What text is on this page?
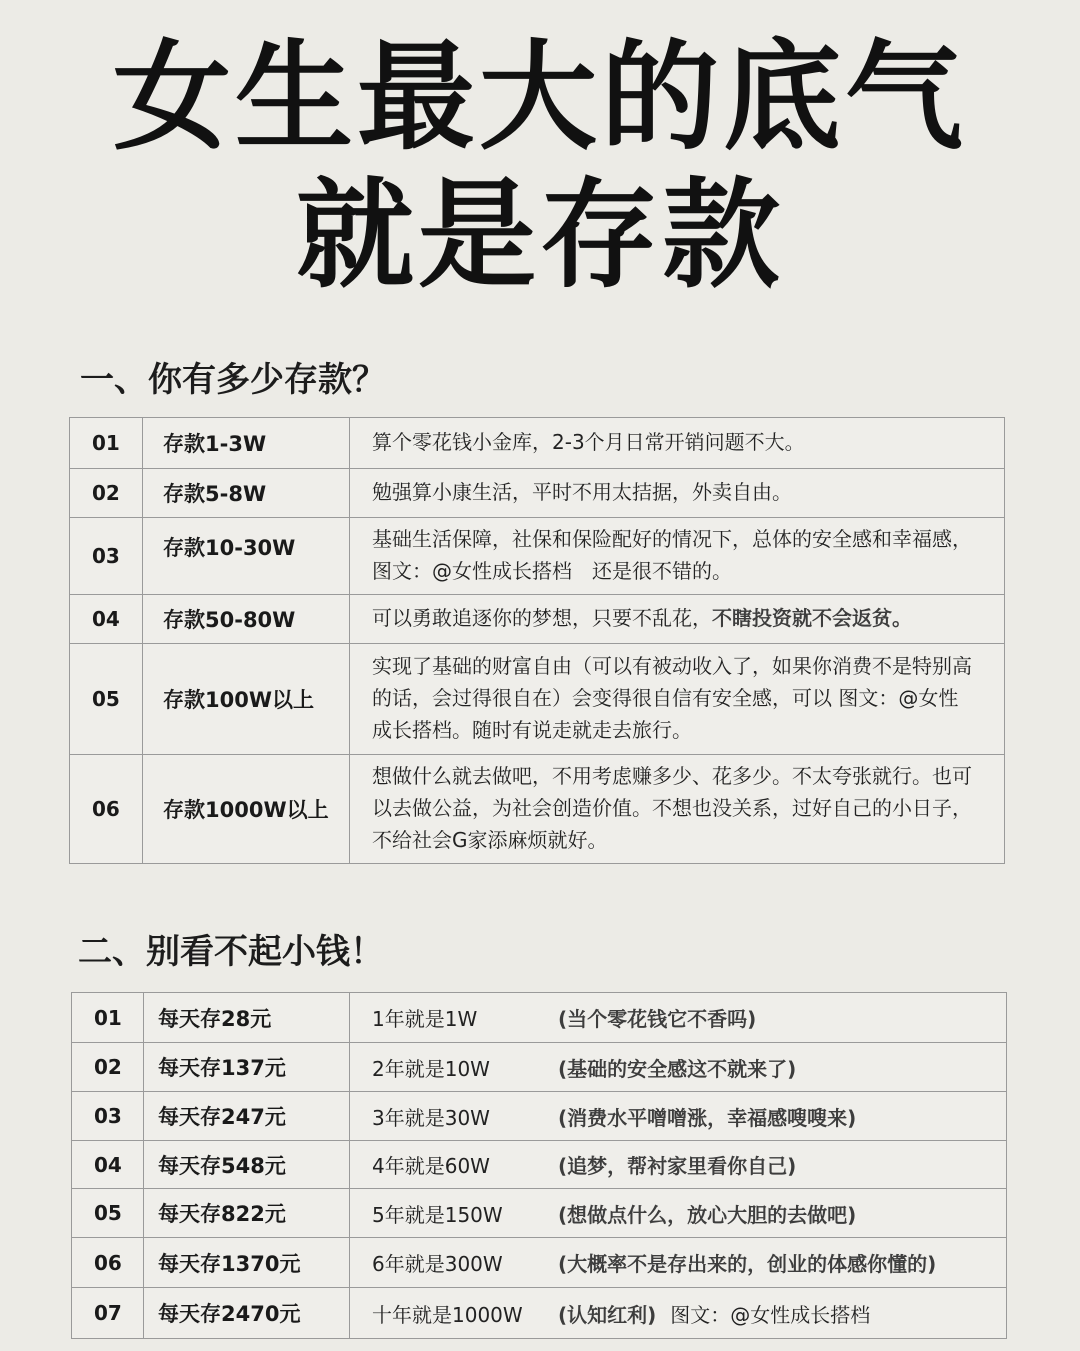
女生最大的底气
就是存款
一、你有多少存款？
01	存款1-3W	算个零花钱小金库，2-3个月日常开销问题不大。
02	存款5-8W	勉强算小康生活，平时不用太拮据，外卖自由。
03	存款10-30W	基础生活保障，社保和保险配好的情况下，总体的安全感和幸福感，图文：@女性成长搭档　还是很不错的。
04	存款50-80W	可以勇敢追逐你的梦想，只要不乱花，不瞎投资就不会返贫。
05	存款100W以上	实现了基础的财富自由（可以有被动收入了，如果你消费不是特别高的话，会过得很自在）会变得很自信有安全感，可以 图文：@女性成长搭档。随时有说走就走去旅行。
06	存款1000W以上	想做什么就去做吧，不用考虑赚多少、花多少。不太夸张就行。也可以去做公益，为社会创造价值。不想也没关系，过好自己的小日子，不给社会G家添麻烦就好。
二、别看不起小钱！
01	每天存28元	1年就是1W (当个零花钱它不香吗)
02	每天存137元	2年就是10W (基础的安全感这不就来了)
03	每天存247元	3年就是30W (消费水平噌噌涨，幸福感嗖嗖来)
04	每天存548元	4年就是60W (追梦，帮衬家里看你自己)
05	每天存822元	5年就是150W (想做点什么，放心大胆的去做吧)
06	每天存1370元	6年就是300W (大概率不是存出来的，创业的体感你懂的)
07	每天存2470元	十年就是1000W (认知红利) 图文：@女性成长搭档
